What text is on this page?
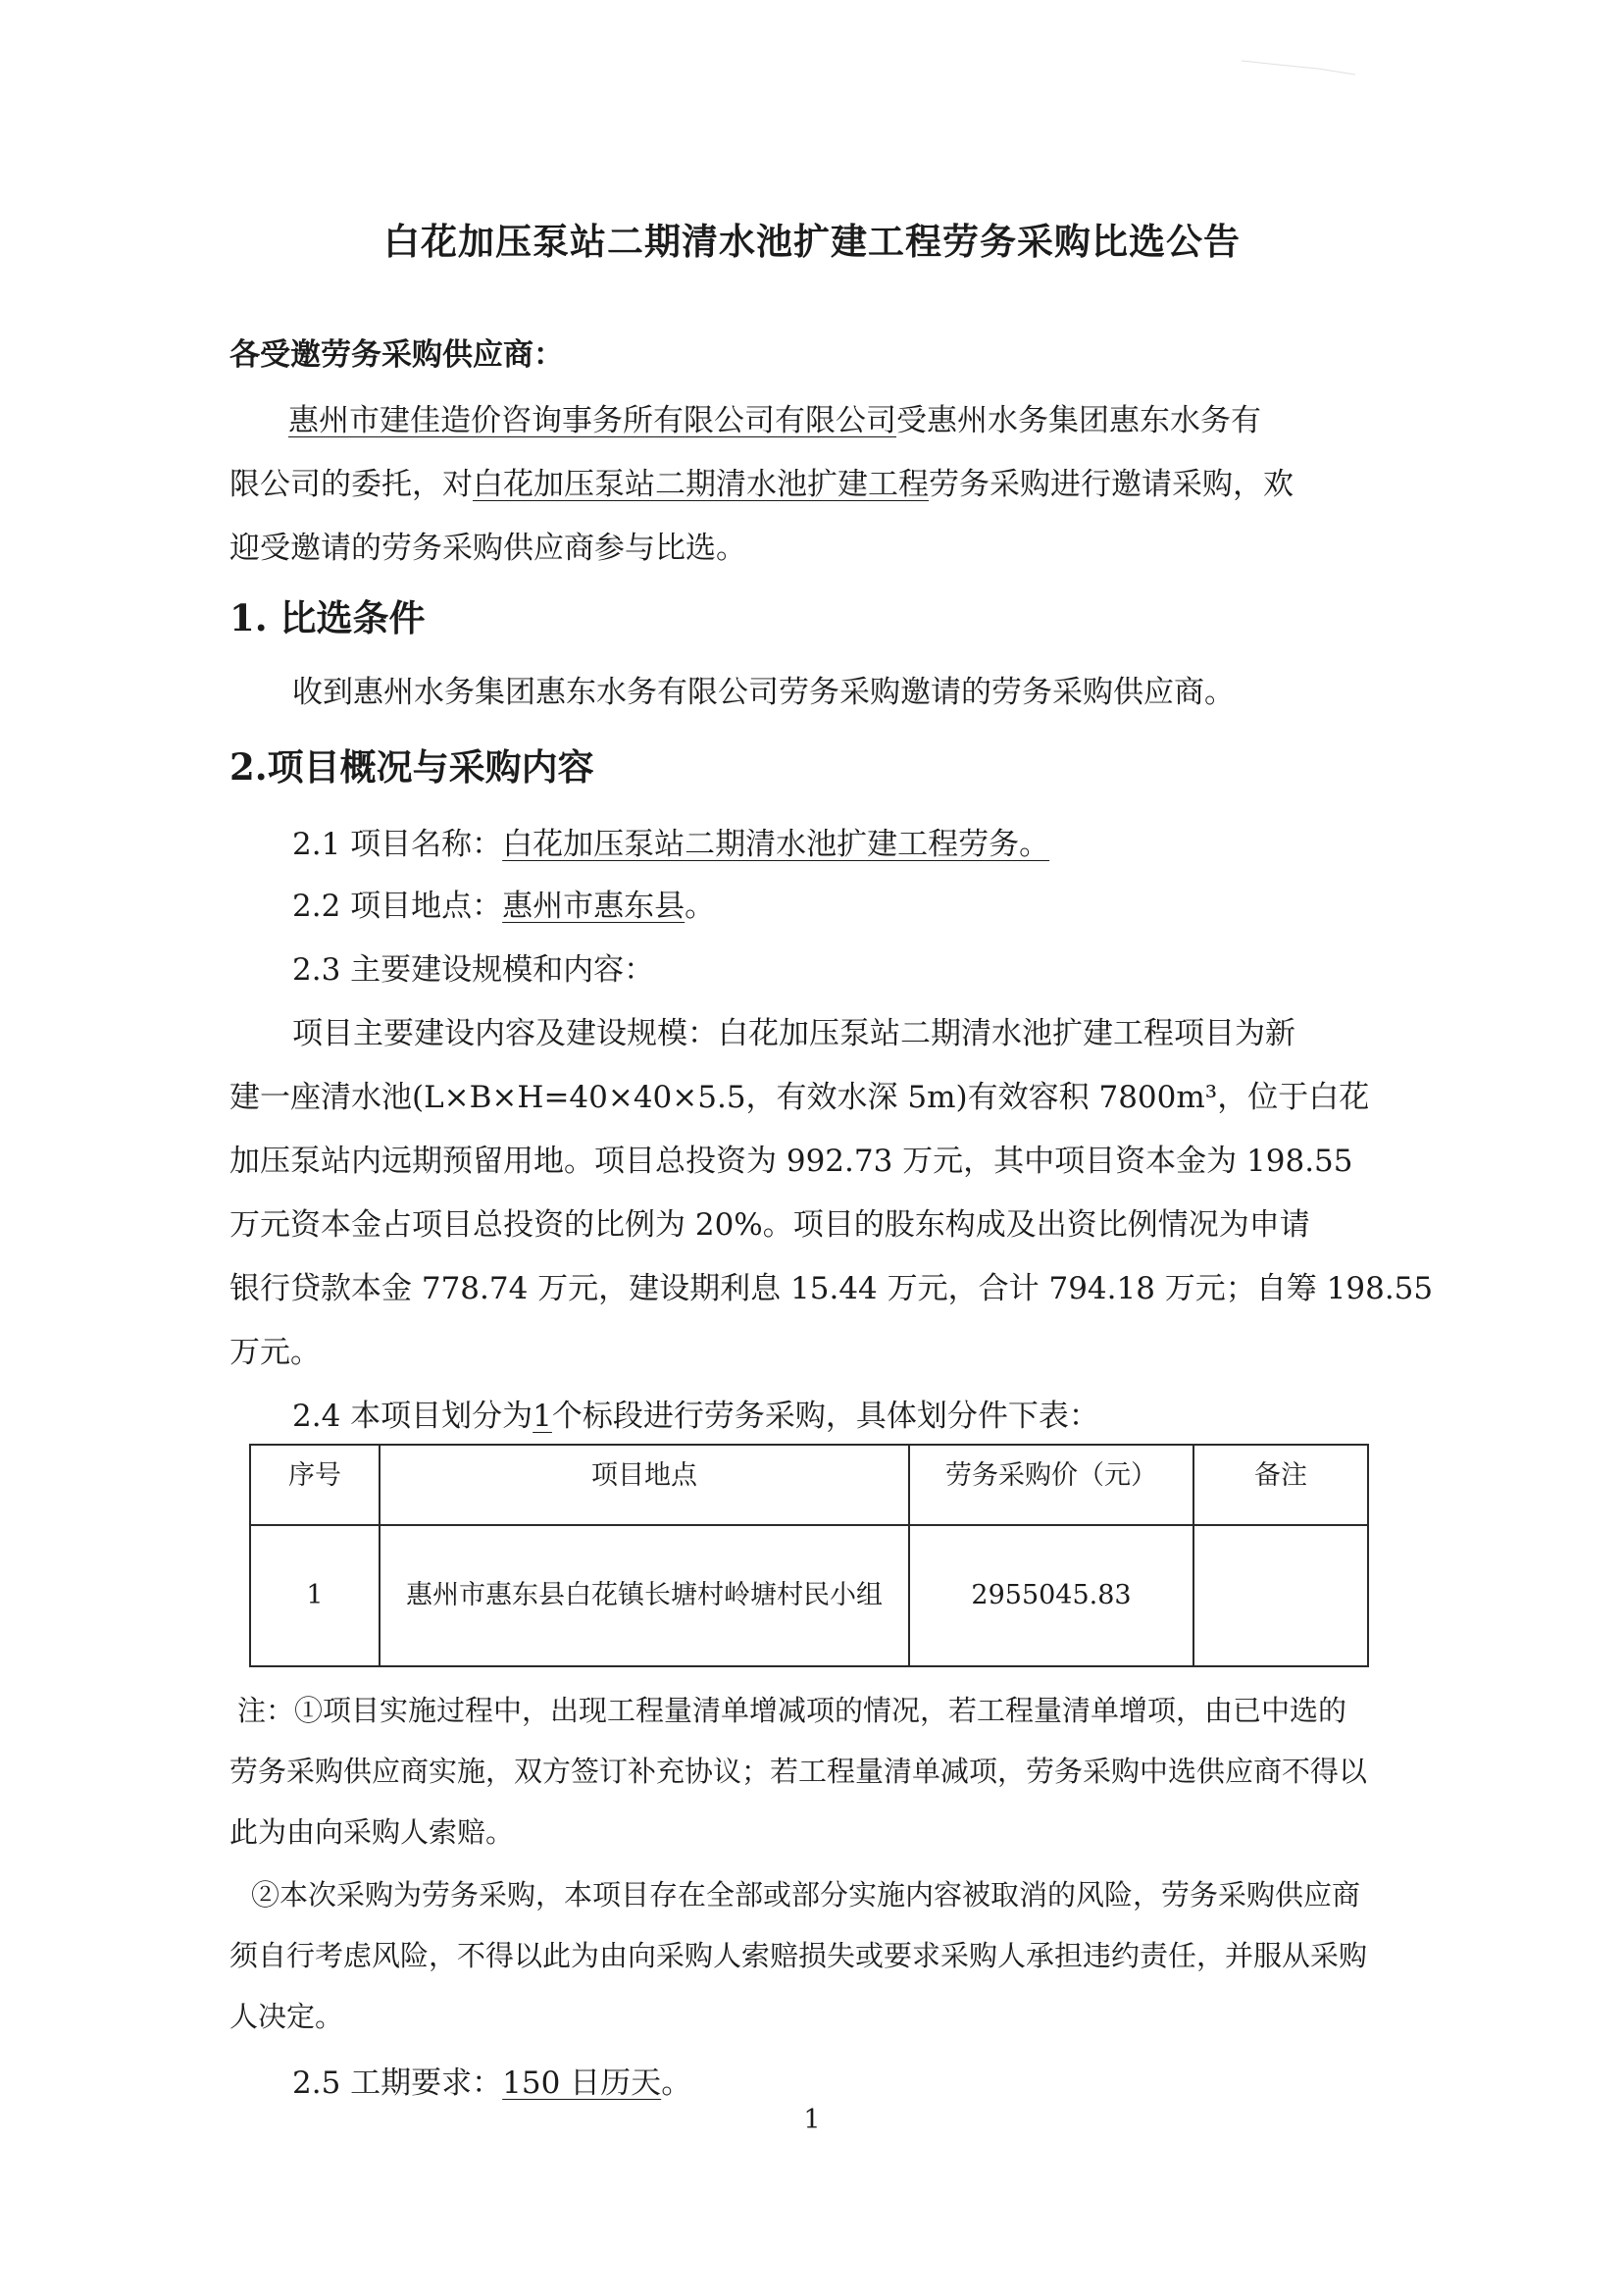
白花加压泵站二期清水池扩建工程劳务采购比选公告
各受邀劳务采购供应商：
惠州市建佳造价咨询事务所有限公司有限公司受惠州水务集团惠东水务有
限公司的委托，对白花加压泵站二期清水池扩建工程劳务采购进行邀请采购，欢
迎受邀请的劳务采购供应商参与比选。
1. 比选条件
收到惠州水务集团惠东水务有限公司劳务采购邀请的劳务采购供应商。
2.项目概况与采购内容
2.1 项目名称：白花加压泵站二期清水池扩建工程劳务。
2.2 项目地点：惠州市惠东县。
2.3 主要建设规模和内容：
项目主要建设内容及建设规模：白花加压泵站二期清水池扩建工程项目为新
建一座清水池(L×B×H=40×40×5.5，有效水深 5m)有效容积 7800m³，位于白花
加压泵站内远期预留用地。项目总投资为 992.73 万元，其中项目资本金为 198.55
万元资本金占项目总投资的比例为 20%。项目的股东构成及出资比例情况为申请
银行贷款本金 778.74 万元，建设期利息 15.44 万元，合计 794.18 万元；自筹 198.55
万元。
2.4 本项目划分为1个标段进行劳务采购，具体划分件下表：
序号	项目地点	劳务采购价（元）	备注
1	惠州市惠东县白花镇长塘村岭塘村民小组	2955045.83	
注：①项目实施过程中，出现工程量清单增减项的情况，若工程量清单增项，由已中选的
劳务采购供应商实施，双方签订补充协议；若工程量清单减项，劳务采购中选供应商不得以
此为由向采购人索赔。
②本次采购为劳务采购，本项目存在全部或部分实施内容被取消的风险，劳务采购供应商
须自行考虑风险，不得以此为由向采购人索赔损失或要求采购人承担违约责任，并服从采购
人决定。
2.5 工期要求：150 日历天。
1
